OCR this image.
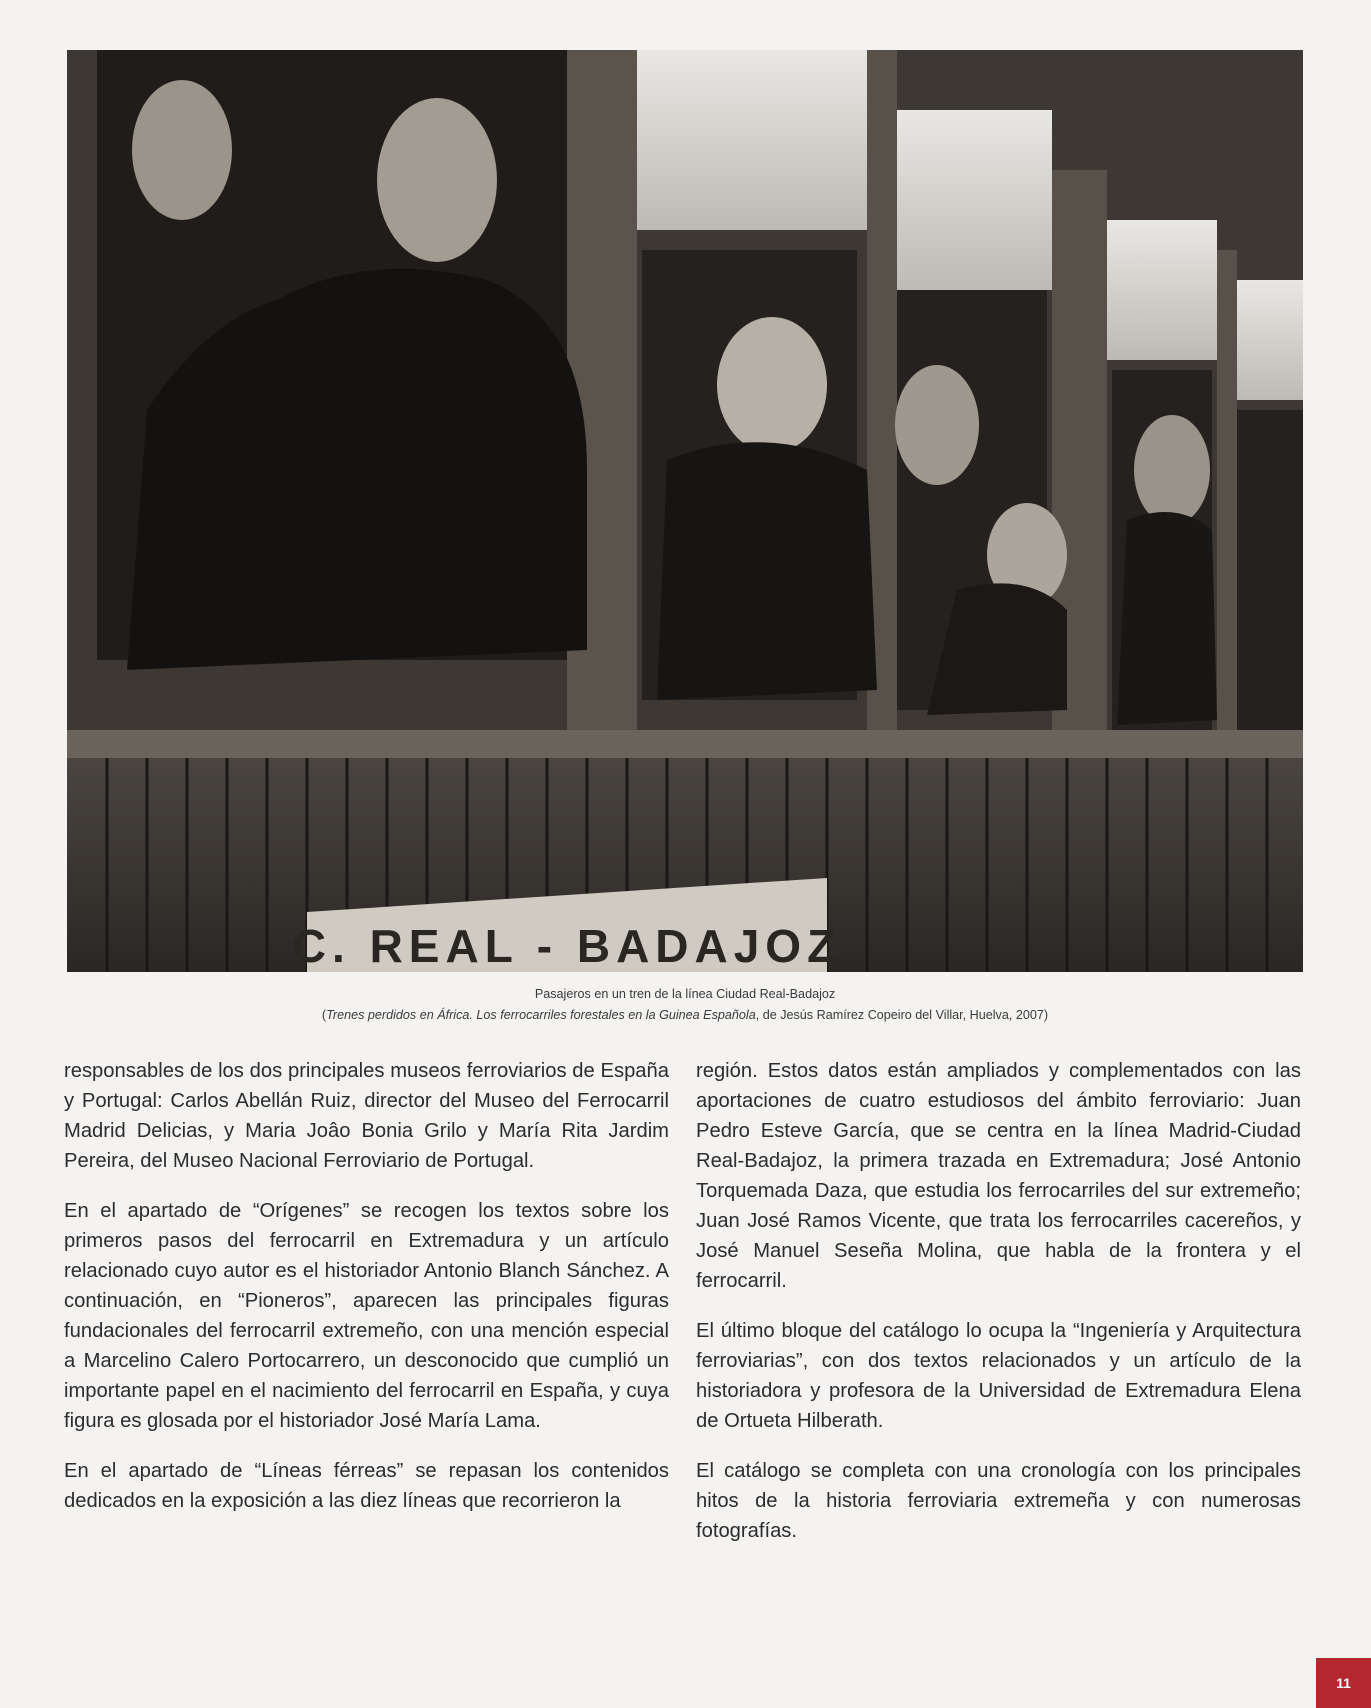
C. REAL - BADAJOZ
Pasajeros en un tren de la línea Ciudad Real-Badajoz
(Trenes perdidos en África. Los ferrocarriles forestales en la Guinea Española, de Jesús Ramírez Copeiro del Villar, Huelva, 2007)

responsables de los dos principales museos ferroviarios de España y Portugal: Carlos Abellán Ruiz, director del Museo del Ferrocarril Madrid Delicias, y Maria Joâo Bonia Grilo y María Rita Jardim Pereira, del Museo Nacional Ferroviario de Portugal.

En el apartado de “Orígenes” se recogen los textos sobre los primeros pasos del ferrocarril en Extremadura y un artículo relacionado cuyo autor es el historiador Antonio Blanch Sánchez. A continuación, en “Pioneros”, aparecen las principales figuras fundacionales del ferrocarril extremeño, con una mención especial a Marcelino Calero Portocarrero, un desconocido que cumplió un importante papel en el nacimiento del ferrocarril en España, y cuya figura es glosada por el historiador José María Lama.

En el apartado de “Líneas férreas” se repasan los contenidos dedicados en la exposición a las diez líneas que recorrieron la

región. Estos datos están ampliados y complementados con las aportaciones de cuatro estudiosos del ámbito ferroviario: Juan Pedro Esteve García, que se centra en la línea Madrid-Ciudad Real-Badajoz, la primera trazada en Extremadura; José Antonio Torquemada Daza, que estudia los ferrocarriles del sur extremeño; Juan José Ramos Vicente, que trata los ferrocarriles cacereños, y José Manuel Seseña Molina, que habla de la frontera y el ferrocarril.

El último bloque del catálogo lo ocupa la “Ingeniería y Arquitectura ferroviarias”, con dos textos relacionados y un artículo de la historiadora y profesora de la Universidad de Extremadura Elena de Ortueta Hilberath.

El catálogo se completa con una cronología con los principales hitos de la historia ferroviaria extremeña y con numerosas fotografías.

11
